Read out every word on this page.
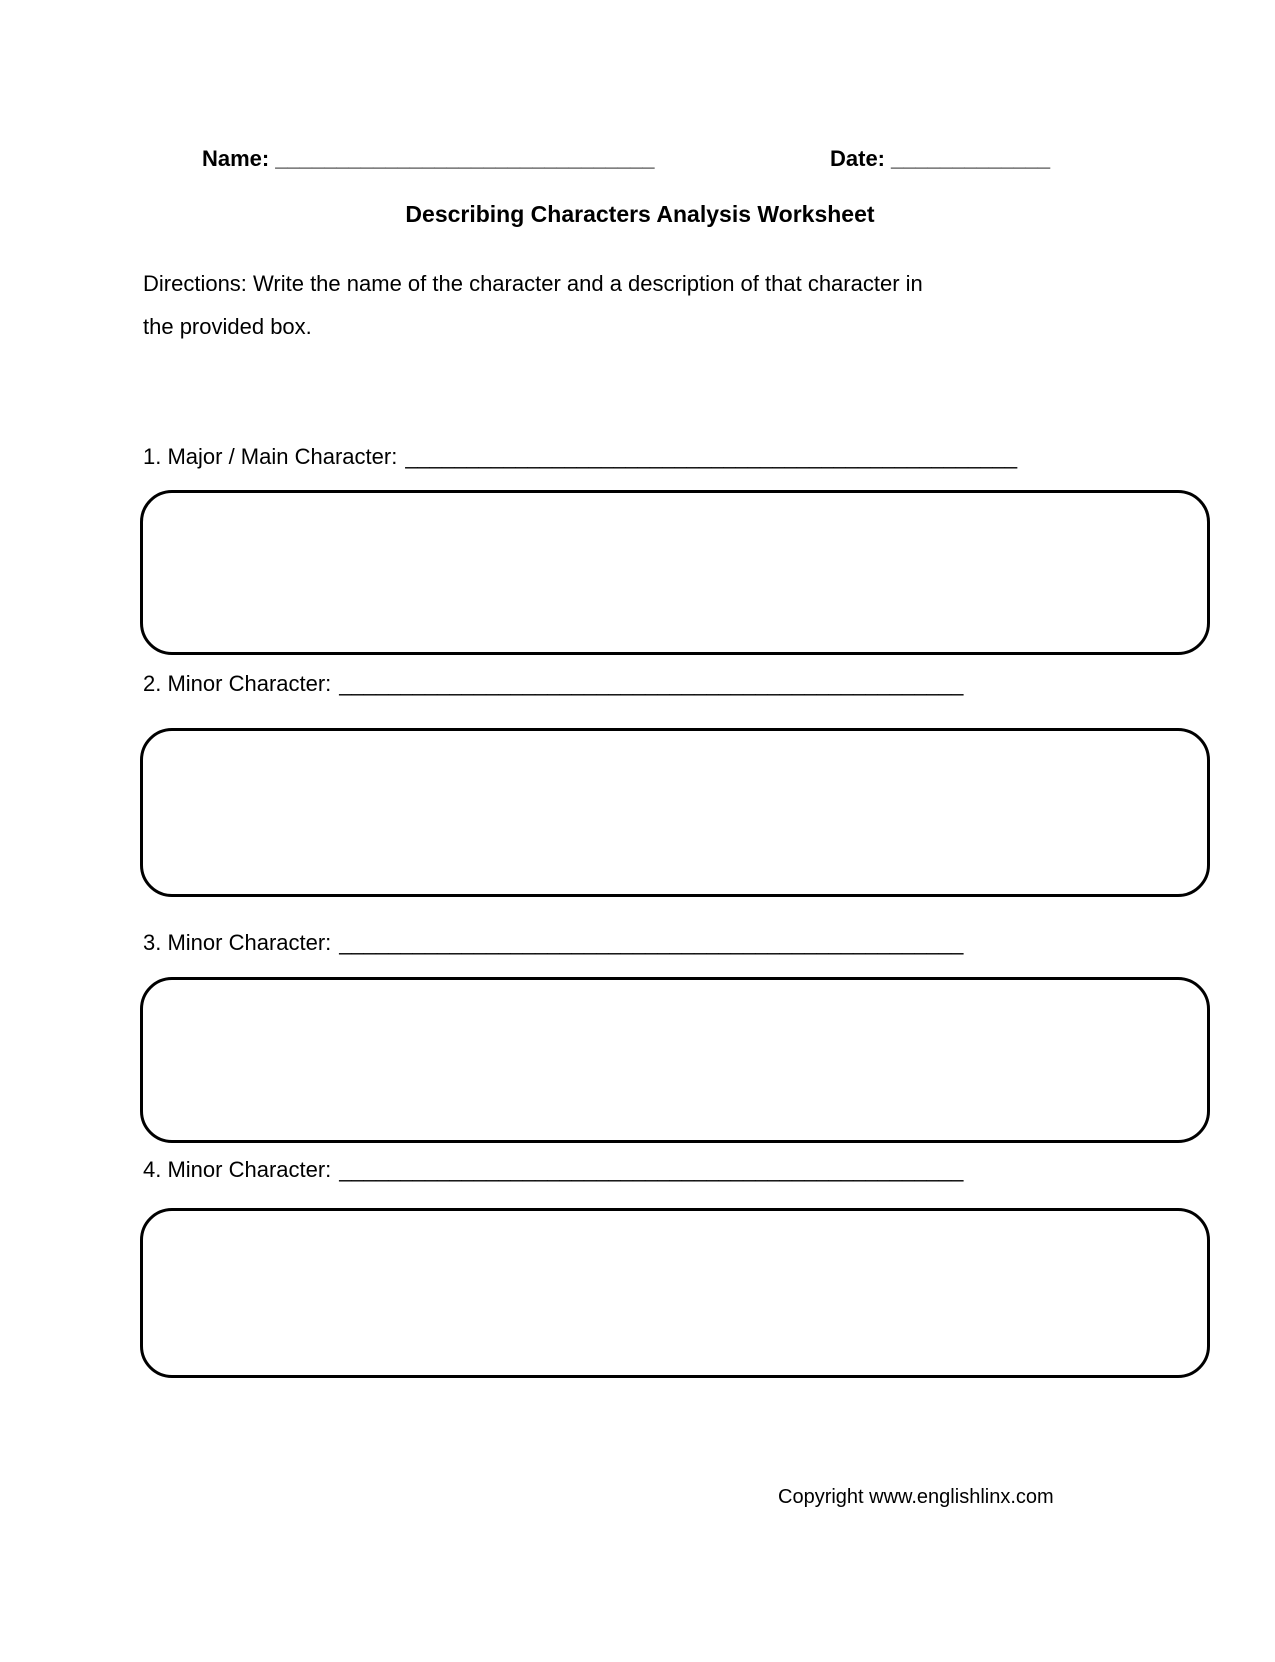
Name: _______________________________	Date: _____________
Describing Characters Analysis Worksheet
Directions: Write the name of the character and a description of that character in
the provided box.
1. Major / Main Character: __________________________________________________
2. Minor Character: ___________________________________________________
3. Minor Character: ___________________________________________________
4. Minor Character: ___________________________________________________
Copyright www.englishlinx.com
